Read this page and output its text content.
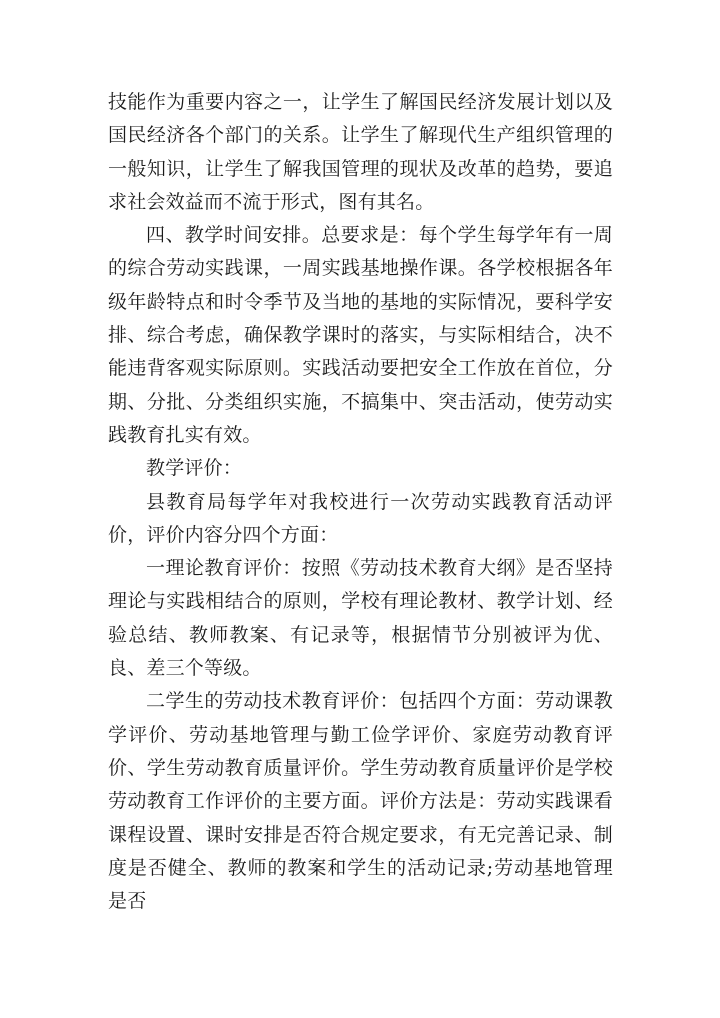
技能作为重要内容之一，让学生了解国民经济发展计划以及国民经济各个部门的关系。让学生了解现代生产组织管理的一般知识，让学生了解我国管理的现状及改革的趋势，要追求社会效益而不流于形式，图有其名。

四、教学时间安排。总要求是：每个学生每学年有一周的综合劳动实践课，一周实践基地操作课。各学校根据各年级年龄特点和时令季节及当地的基地的实际情况，要科学安排、综合考虑，确保教学课时的落实，与实际相结合，决不能违背客观实际原则。实践活动要把安全工作放在首位，分期、分批、分类组织实施，不搞集中、突击活动，使劳动实践教育扎实有效。

教学评价：

县教育局每学年对我校进行一次劳动实践教育活动评价，评价内容分四个方面：

一理论教育评价：按照《劳动技术教育大纲》是否坚持理论与实践相结合的原则，学校有理论教材、教学计划、经验总结、教师教案、有记录等，根据情节分别被评为优、良、差三个等级。

二学生的劳动技术教育评价：包括四个方面：劳动课教学评价、劳动基地管理与勤工俭学评价、家庭劳动教育评价、学生劳动教育质量评价。学生劳动教育质量评价是学校劳动教育工作评价的主要方面。评价方法是：劳动实践课看课程设置、课时安排是否符合规定要求，有无完善记录、制度是否健全、教师的教案和学生的活动记录;劳动基地管理是否
